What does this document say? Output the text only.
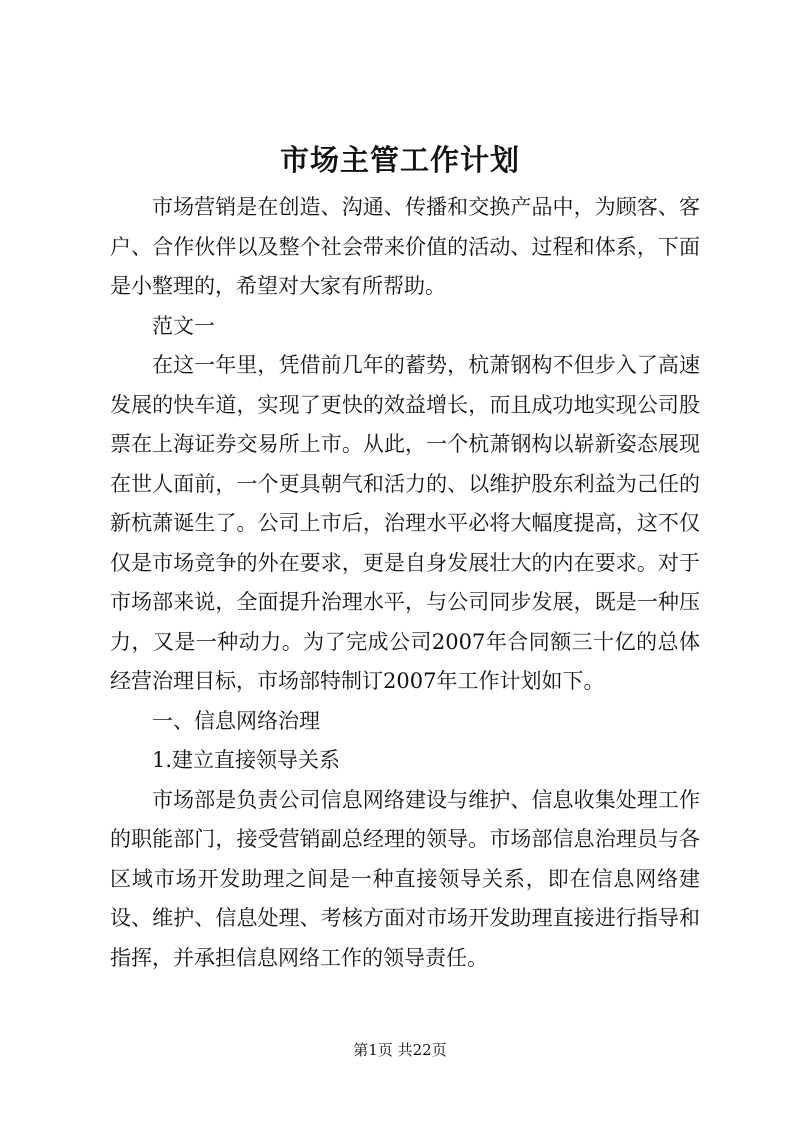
市场主管工作计划

市场营销是在创造、沟通、传播和交换产品中，为顾客、客户、合作伙伴以及整个社会带来价值的活动、过程和体系，下面是小整理的，希望对大家有所帮助。

范文一

在这一年里，凭借前几年的蓄势，杭萧钢构不但步入了高速发展的快车道，实现了更快的效益增长，而且成功地实现公司股票在上海证券交易所上市。从此，一个杭萧钢构以崭新姿态展现在世人面前，一个更具朝气和活力的、以维护股东利益为己任的新杭萧诞生了。公司上市后，治理水平必将大幅度提高，这不仅仅是市场竞争的外在要求，更是自身发展壮大的内在要求。对于市场部来说，全面提升治理水平，与公司同步发展，既是一种压力，又是一种动力。为了完成公司2007年合同额三十亿的总体经营治理目标，市场部特制订2007年工作计划如下。

一、信息网络治理

1.建立直接领导关系

市场部是负责公司信息网络建设与维护、信息收集处理工作的职能部门，接受营销副总经理的领导。市场部信息治理员与各区域市场开发助理之间是一种直接领导关系，即在信息网络建设、维护、信息处理、考核方面对市场开发助理直接进行指导和指挥，并承担信息网络工作的领导责任。

第1页 共22页
